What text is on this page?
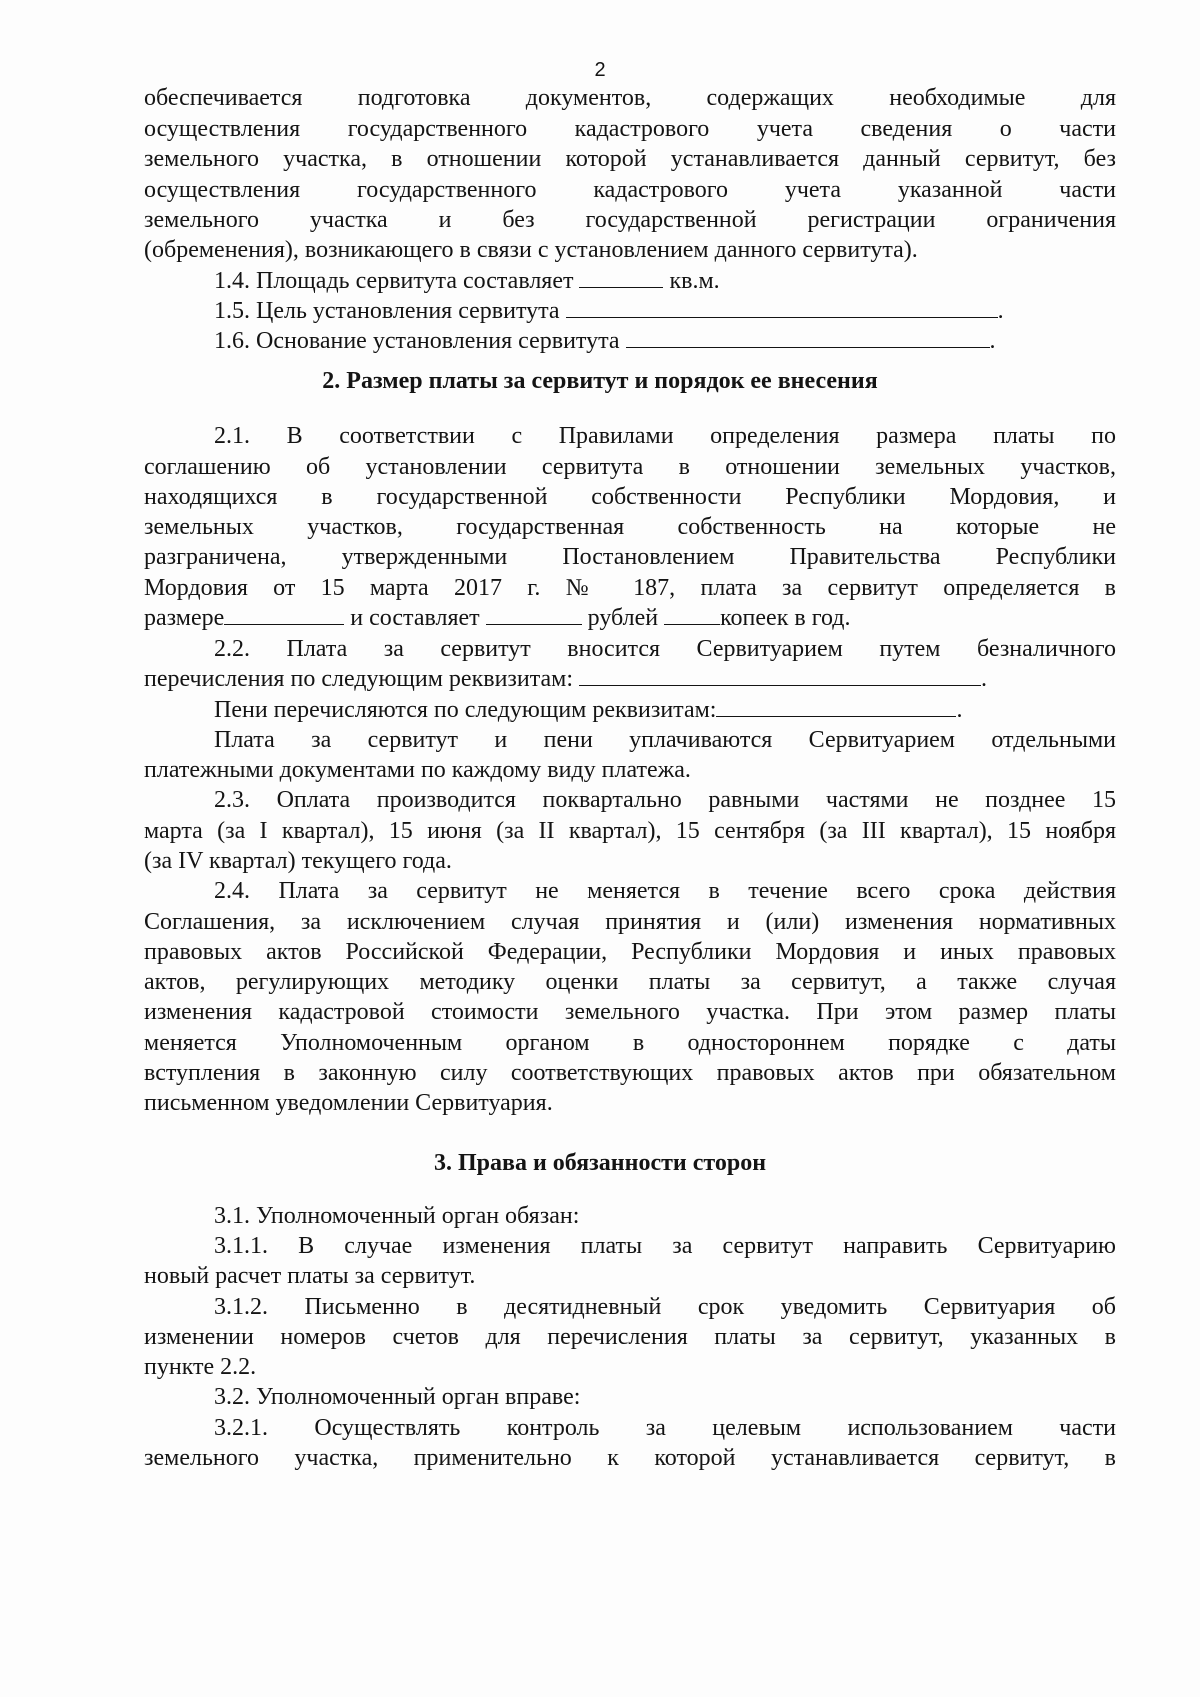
2
обеспечивается подготовка документов, содержащих необходимые для
осуществления государственного кадастрового учета сведения о части
земельного участка, в отношении которой устанавливается данный сервитут, без
осуществления государственного кадастрового учета указанной части
земельного участка и без государственной регистрации ограничения
(обременения), возникающего в связи с установлением данного сервитута).
1.4. Площадь сервитута составляет	кв.м.
1.5. Цель установления сервитута	.
1.6. Основание установления сервитута	.
2. Размер платы за сервитут и порядок ее внесения
2.1. В соответствии с Правилами определения размера платы по
соглашению об установлении сервитута в отношении земельных участков,
находящихся в государственной собственности Республики Мордовия, и
земельных участков, государственная собственность на которые не
разграничена, утвержденными Постановлением Правительства Республики
Мордовия от 15 марта 2017 г. № 187, плата за сервитут определяется в
размере	и составляет	рублей	копеек в год.
2.2. Плата за сервитут вносится Сервитуарием путем безналичного
перечисления по следующим реквизитам:	.
Пени перечисляются по следующим реквизитам:	.
Плата за сервитут и пени уплачиваются Сервитуарием отдельными
платежными документами по каждому виду платежа.
2.3. Оплата производится поквартально равными частями не позднее 15
марта (за I квартал), 15 июня (за II квартал), 15 сентября (за III квартал), 15 ноября
(за IV квартал) текущего года.
2.4. Плата за сервитут не меняется в течение всего срока действия
Соглашения, за исключением случая принятия и (или) изменения нормативных
правовых актов Российской Федерации, Республики Мордовия и иных правовых
актов, регулирующих методику оценки платы за сервитут, а также случая
изменения кадастровой стоимости земельного участка. При этом размер платы
меняется Уполномоченным органом в одностороннем порядке с даты
вступления в законную силу соответствующих правовых актов при обязательном
письменном уведомлении Сервитуария.
3. Права и обязанности сторон
3.1. Уполномоченный орган обязан:
3.1.1. В случае изменения платы за сервитут направить Сервитуарию
новый расчет платы за сервитут.
3.1.2. Письменно в десятидневный срок уведомить Сервитуария об
изменении номеров счетов для перечисления платы за сервитут, указанных в
пункте 2.2.
3.2. Уполномоченный орган вправе:
3.2.1. Осуществлять контроль за целевым использованием части
земельного участка, применительно к которой устанавливается сервитут, в
